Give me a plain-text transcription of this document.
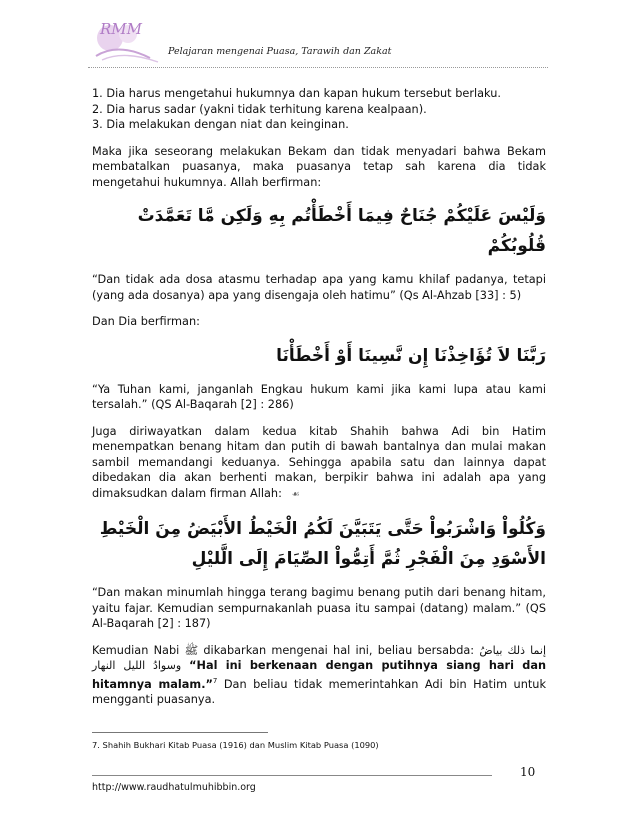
RMM
Pelajaran mengenai Puasa, Tarawih dan Zakat

1. Dia harus mengetahui hukumnya dan kapan hukum tersebut berlaku.

2. Dia harus sadar (yakni tidak terhitung karena kealpaan).

3. Dia melakukan dengan niat dan keinginan.

Maka jika seseorang melakukan Bekam dan tidak menyadari bahwa Bekam membatalkan puasanya, maka puasanya tetap sah karena dia tidak mengetahui hukumnya. Allah berfirman:

وَلَيْسَ عَلَيْكُمْ جُنَاحٌ فِيمَا أَخْطَأْتُم بِهِ وَلَكِن مَّا تَعَمَّدَتْ قُلُوبُكُمْ

“Dan tidak ada dosa atasmu terhadap apa yang kamu khilaf padanya, tetapi (yang ada dosanya) apa yang disengaja oleh hatimu” (Qs Al-Ahzab [33] : 5)

Dan Dia berfirman:

رَبَّنَا لاَ تُؤَاخِذْنَا إِن نَّسِينَا أَوْ أَخْطَأْنَا

“Ya Tuhan kami, janganlah Engkau hukum kami jika kami lupa atau kami tersalah.” (QS Al-Baqarah [2] : 286)

Juga diriwayatkan dalam kedua kitab Shahih bahwa Adi bin Hatim menempatkan benang hitam dan putih di bawah bantalnya dan mulai makan sambil memandangi keduanya. Sehingga apabila satu dan lainnya dapat dibedakan dia akan berhenti makan, berpikir bahwa ini adalah apa yang dimaksudkan dalam firman Allah: ☙

وَكُلُواْ وَاشْرَبُواْ حَتَّى يَتَبَيَّنَ لَكُمُ الْخَيْطُ الأَبْيَضُ مِنَ الْخَيْطِ الأَسْوَدِ مِنَ الْفَجْرِ ثُمَّ أَتِمُّواْ الصِّيَامَ إِلَى الَّليْلِ

“Dan makan minumlah hingga terang bagimu benang putih dari benang hitam, yaitu fajar. Kemudian sempurnakanlah puasa itu sampai (datang) malam.” (QS Al-Baqarah [2] : 187)

Kemudian Nabi ﷺ dikabarkan mengenai hal ini, beliau bersabda: إنما ذلك بياضُ النهار وسوادُ الليل “Hal ini berkenaan dengan putihnya siang hari dan hitamnya malam.”$^7$ Dan beliau tidak memerintahkan Adi bin Hatim untuk mengganti puasanya.

7. Shahih Bukhari Kitab Puasa (1916) dan Muslim Kitab Puasa (1090)
10
http://www.raudhatulmuhibbin.org
